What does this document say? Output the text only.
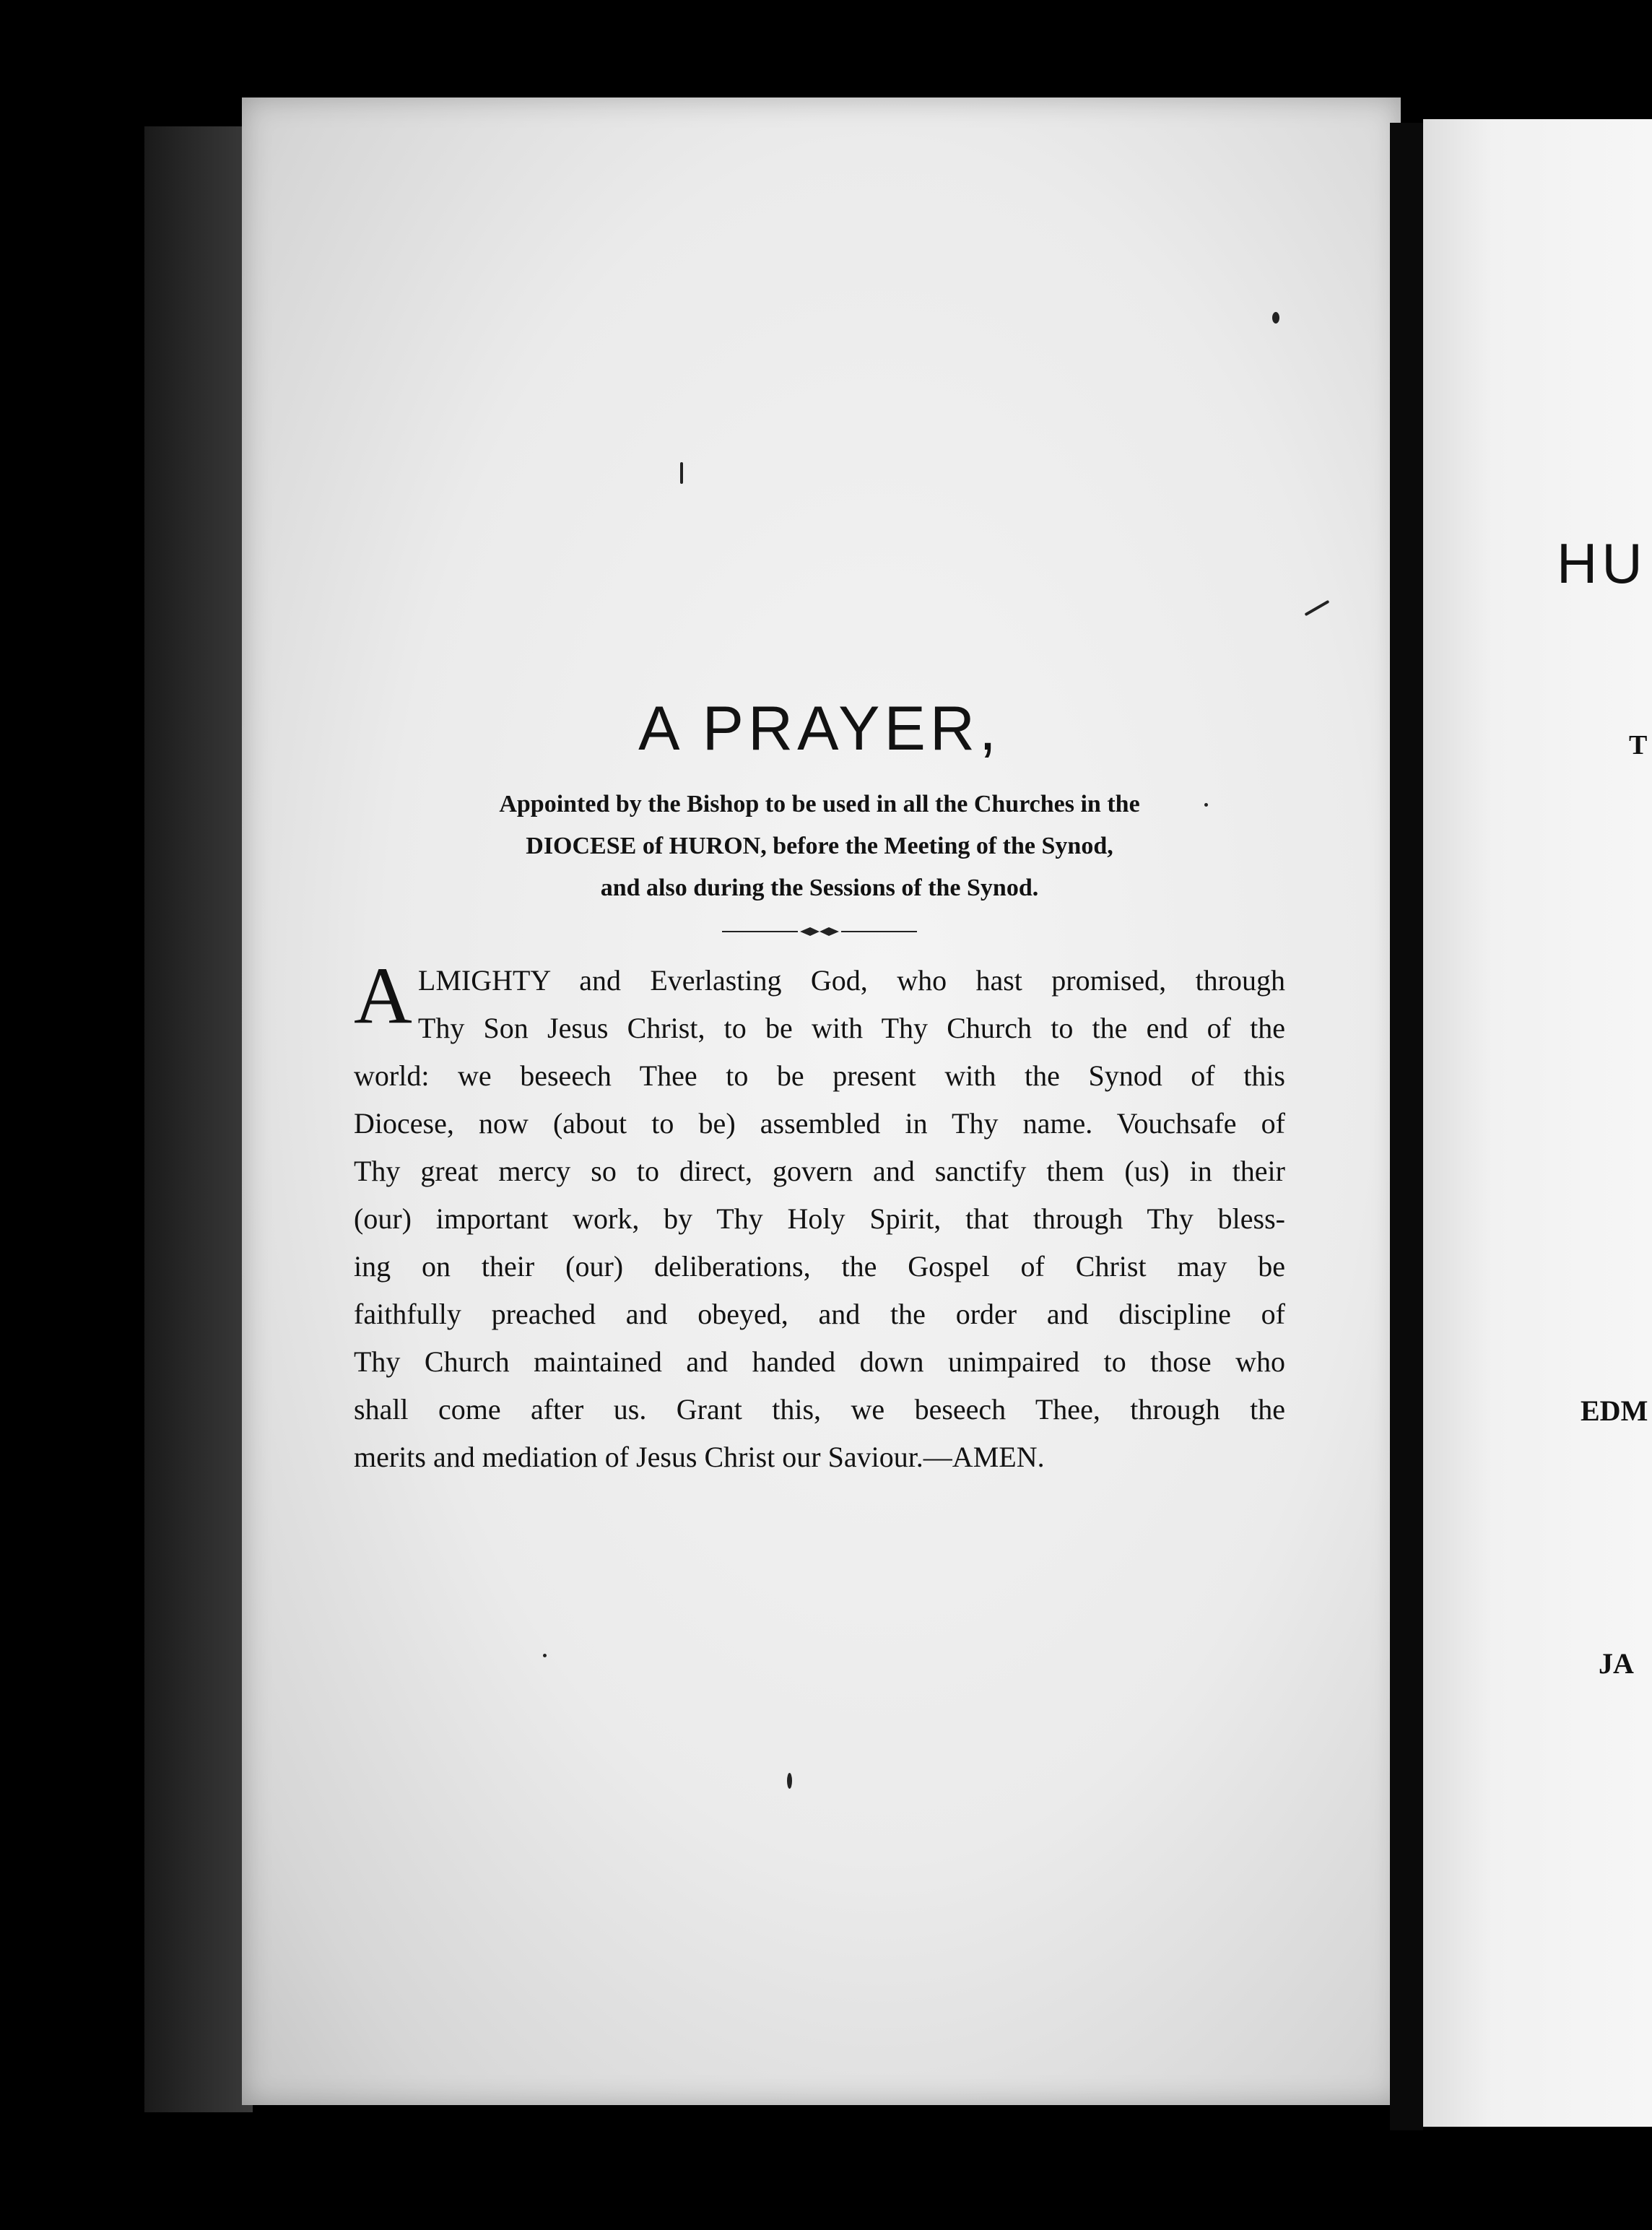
HU
T
EDM
JA
A PRAYER,
Appointed by the Bishop to be used in all the Churches in the
DIOCESE of HURON, before the Meeting of the Synod,
and also during the Sessions of the Synod.
A LMIGHTY and Everlasting God, who hast promised, through
Thy Son Jesus Christ, to be with Thy Church to the end of the
world: we beseech Thee to be present with the Synod of this
Diocese, now (about to be) assembled in Thy name. Vouchsafe of
Thy great mercy so to direct, govern and sanctify them (us) in their
(our) important work, by Thy Holy Spirit, that through Thy bless-
ing on their (our) deliberations, the Gospel of Christ may be
faithfully preached and obeyed, and the order and discipline of
Thy Church maintained and handed down unimpaired to those who
shall come after us. Grant this, we beseech Thee, through the
merits and mediation of Jesus Christ our Saviour.—AMEN.
